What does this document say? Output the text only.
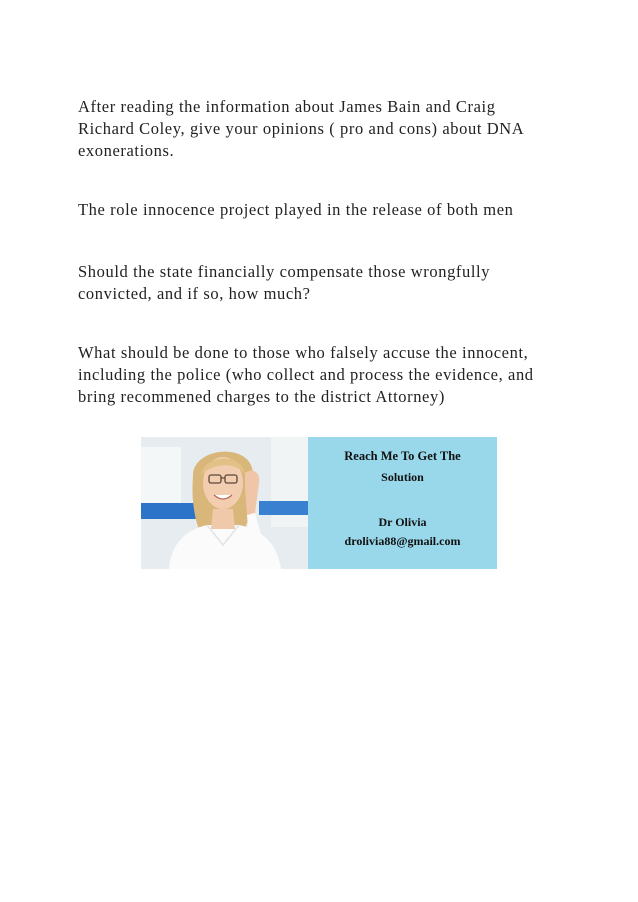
After reading the information about James Bain and Craig
Richard Coley, give your opinions ( pro and cons) about DNA
exonerations.

The role innocence project played in the release of both men

Should the state financially compensate those wrongfully
convicted, and if so, how much?

What should be done to those who falsely accuse the innocent,
including the police (who collect and process the evidence, and
bring recommened charges to the district Attorney)

Reach Me To Get The
Solution
Dr Olivia
drolivia88@gmail.com
